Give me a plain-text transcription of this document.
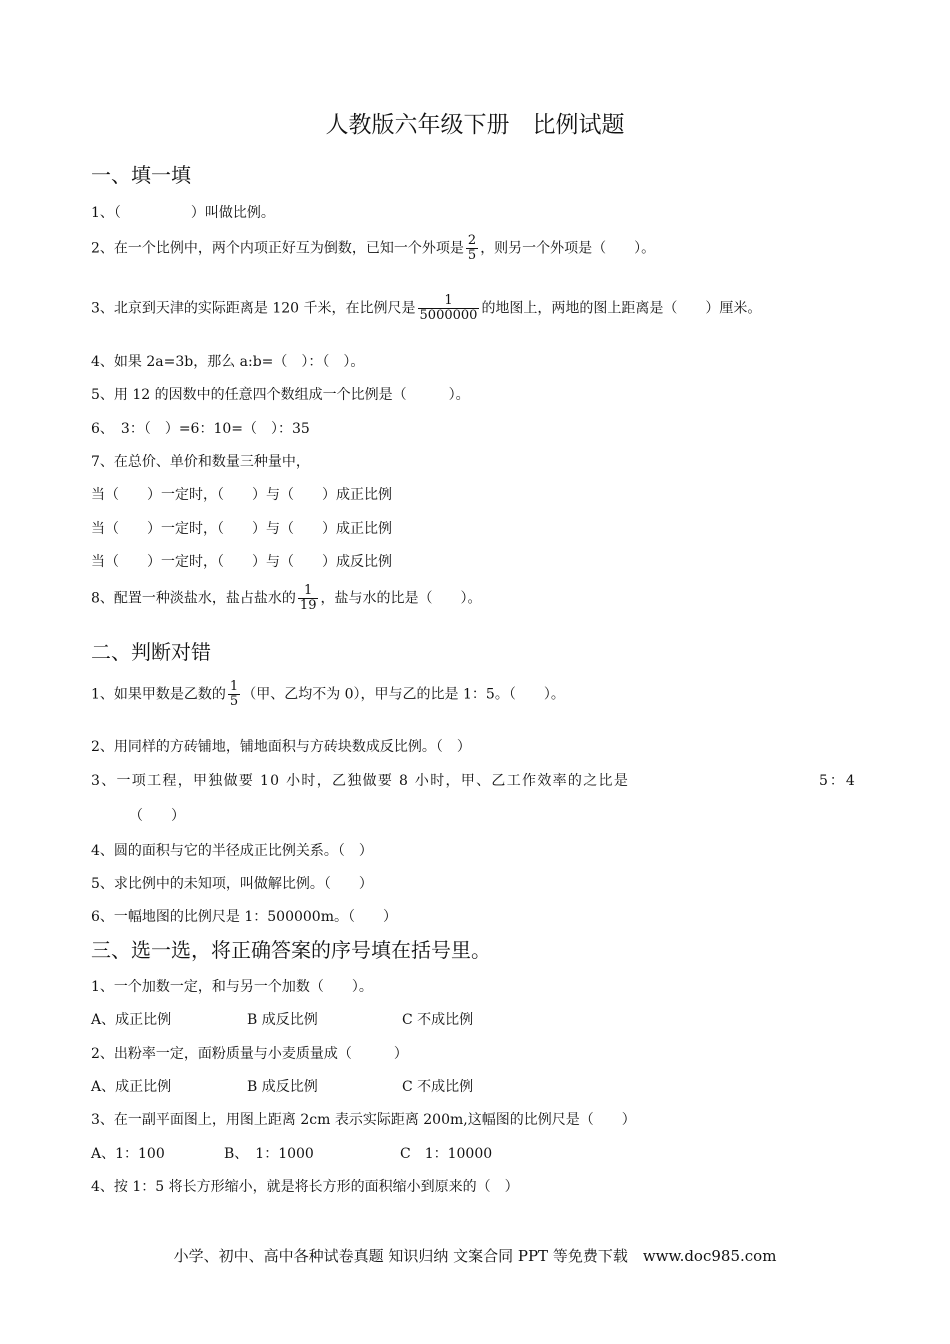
人教版六年级下册　比例试题
一、填一填
1、（　　　　　）叫做比例。
2、在一个比例中，两个内项正好互为倒数，已知一个外项是 $\frac{2}{5}$ ，则另一个外项是（　　）。
3、北京到天津的实际距离是 120 千米，在比例尺是 $\frac{1}{5000000}$ 的地图上，两地的图上距离是（　　）厘米。
4、如果 2a=3b，那么 a:b=（　）：（　）。
5、用 12 的因数中的任意四个数组成一个比例是（　　　）。
6、　3：（　）=6：10=（　）：35
7、在总价、单价和数量三种量中，
当（　　）一定时，（　　）与（　　）成正比例
当（　　）一定时，（　　）与（　　）成正比例
当（　　）一定时，（　　）与（　　）成反比例
8、配置一种淡盐水，盐占盐水的 $\frac{1}{19}$ ，盐与水的比是（　　）。
二、判断对错
1、如果甲数是乙数的 $\frac{1}{5}$ （甲、乙均不为 0），甲与乙的比是 1：5。（　　）。
2、用同样的方砖铺地，铺地面积与方砖块数成反比例。（　）
3、一项工程，甲独做要 10 小时，乙独做要 8 小时，甲、乙工作效率的之比是	5：4
（　　）
4、圆的面积与它的半径成正比例关系。（　）
5、求比例中的未知项，叫做解比例。（　　）
6、一幅地图的比例尺是 1：500000m。（　　）
三、选一选，将正确答案的序号填在括号里。
1、一个加数一定，和与另一个加数（　　）。
A、成正比例	B 成反比例	C 不成比例
2、出粉率一定，面粉质量与小麦质量成（　　　）
A、成正比例	B 成反比例	C 不成比例
3、在一副平面图上，用图上距离 2cm 表示实际距离 200m,这幅图的比例尺是（　　）
A、1：100	B、　1：1000	C　1：10000
4、按 1：5 将长方形缩小，就是将长方形的面积缩小到原来的（　）
小学、初中、高中各种试卷真题 知识归纳 文案合同 PPT 等免费下载　www.doc985.com
